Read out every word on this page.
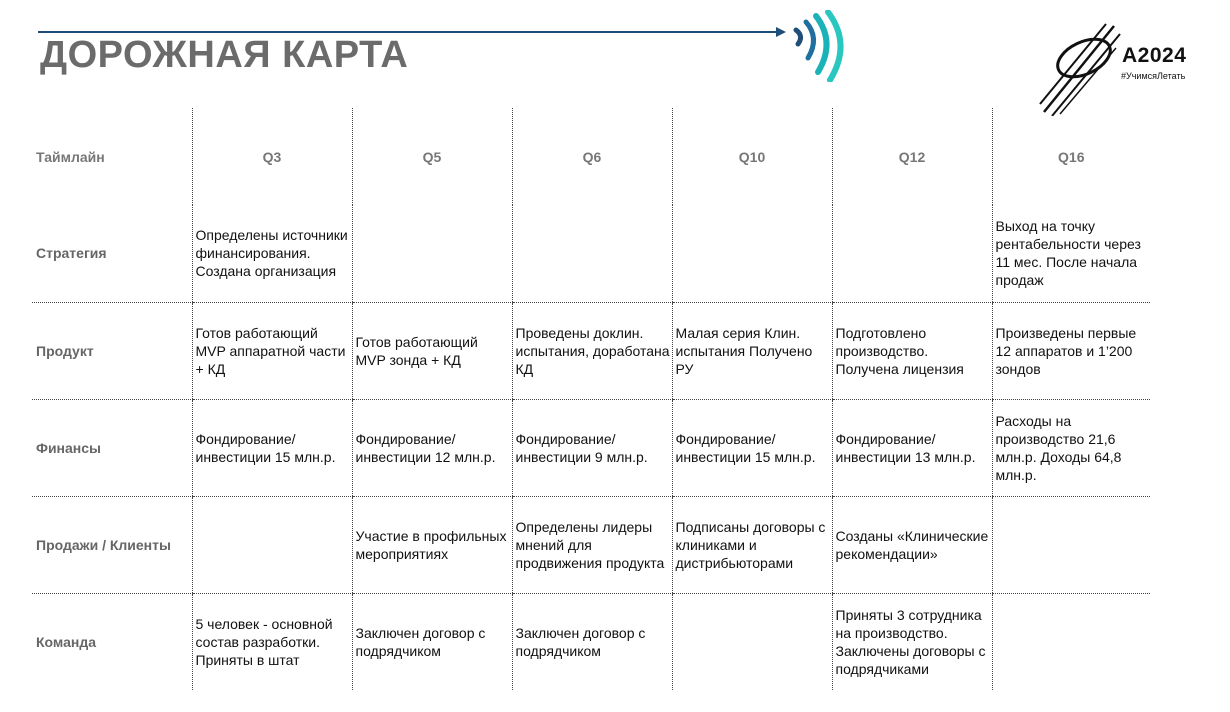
ДОРОЖНАЯ КАРТА	A2024
#УчимсяЛетать
Таймлайн	Q3	Q5	Q6	Q10	Q12	Q16
Стратегия	Определены источники финансирования. Создана организация					Выход на точку рентабельности через 11 мес. После начала продаж
Продукт	Готов работающий MVP аппаратной части + КД	Готов работающий MVP зонда + КД	Проведены доклин. испытания, доработана КД	Малая серия Клин. испытания Получено РУ	Подготовлено производство. Получена лицензия	Произведены первые 12 аппаратов и 1’200 зондов
Финансы	Фондирование/ инвестиции 15 млн.р.	Фондирование/ инвестиции 12 млн.р.	Фондирование/ инвестиции 9 млн.р.	Фондирование/ инвестиции 15 млн.р.	Фондирование/ инвестиции 13 млн.р.	Расходы на производство 21,6 млн.р. Доходы 64,8 млн.р.
Продажи / Клиенты		Участие в профильных мероприятиях	Определены лидеры мнений для продвижения продукта	Подписаны договоры с клиниками и дистрибьюторами	Созданы «Клинические рекомендации»	
Команда	5 человек - основной состав разработки. Приняты в штат	Заключен договор с подрядчиком	Заключен договор с подрядчиком		Приняты 3 сотрудника на производство. Заключены договоры с подрядчиками	
